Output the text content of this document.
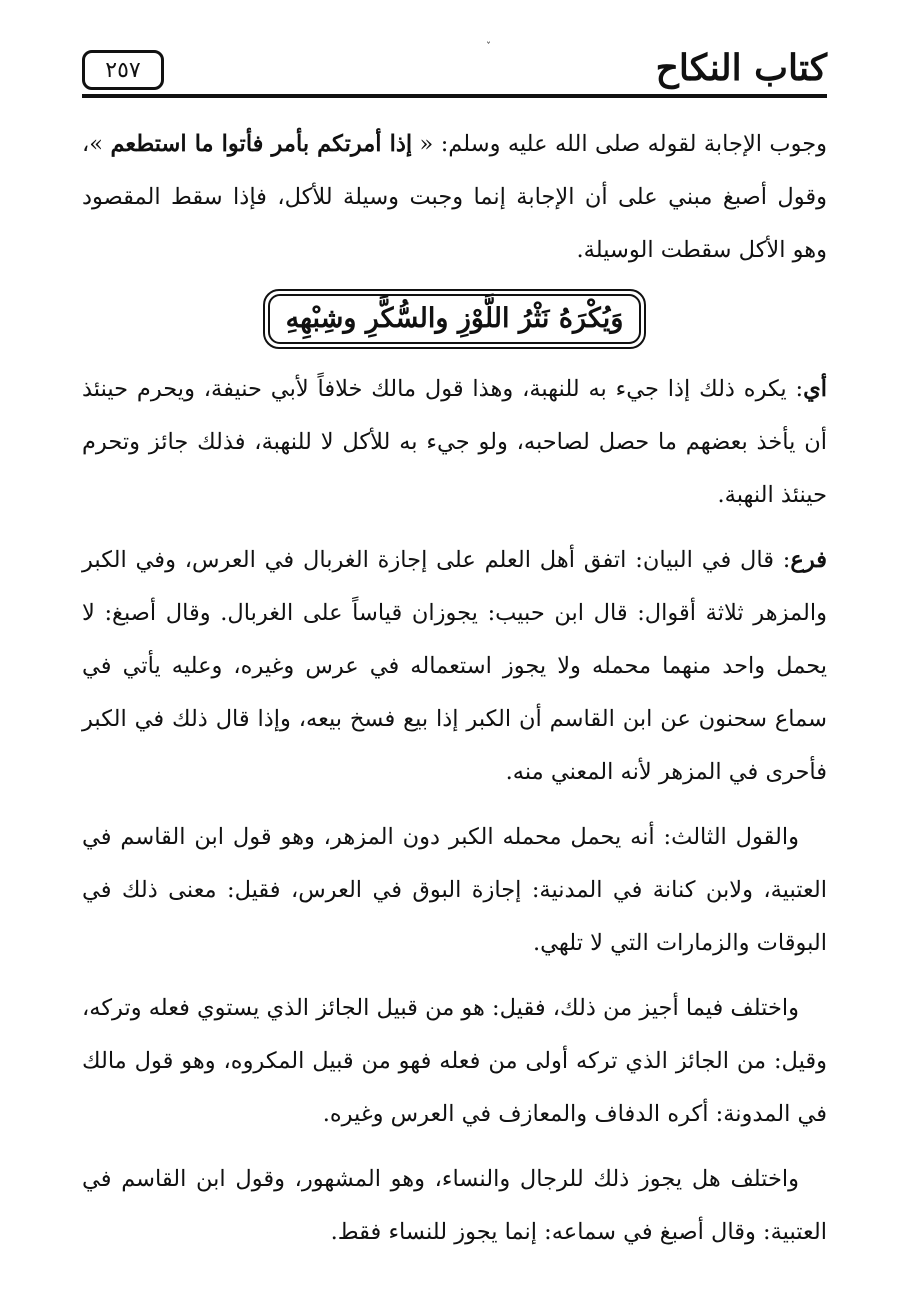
كتاب النكاح
ˇ
٢٥٧

وجوب الإجابة لقوله صلى الله عليه وسلم: « إذا أمرتكم بأمر فأتوا ما استطعم »، وقول أصبغ مبني على أن الإجابة إنما وجبت وسيلة للأكل، فإذا سقط المقصود وهو الأكل سقطت الوسيلة.

وَيُكْرَهُ نَثْرُ اللَّوْزِ والسُّكَّرِ وشِبْهِهِ

أي: يكره ذلك إذا جيء به للنهبة، وهذا قول مالك خلافاً لأبي حنيفة، ويحرم حينئذ أن يأخذ بعضهم ما حصل لصاحبه، ولو جيء به للأكل لا للنهبة، فذلك جائز وتحرم حينئذ النهبة.

فرع: قال في البيان: اتفق أهل العلم على إجازة الغربال في العرس، وفي الكبر والمزهر ثلاثة أقوال: قال ابن حبيب: يجوزان قياساً على الغربال. وقال أصبغ: لا يحمل واحد منهما محمله ولا يجوز استعماله في عرس وغيره، وعليه يأتي في سماع سحنون عن ابن القاسم أن الكبر إذا بيع فسخ بيعه، وإذا قال ذلك في الكبر فأحرى في المزهر لأنه المعني منه.

والقول الثالث: أنه يحمل محمله الكبر دون المزهر، وهو قول ابن القاسم في العتبية، ولابن كنانة في المدنية: إجازة البوق في العرس، فقيل: معنى ذلك في البوقات والزمارات التي لا تلهي.

واختلف فيما أجيز من ذلك، فقيل: هو من قبيل الجائز الذي يستوي فعله وتركه، وقيل: من الجائز الذي تركه أولى من فعله فهو من قبيل المكروه، وهو قول مالك في المدونة: أكره الدفاف والمعازف في العرس وغيره.

واختلف هل يجوز ذلك للرجال والنساء، وهو المشهور، وقول ابن القاسم في العتبية: وقال أصبغ في سماعه: إنما يجوز للنساء فقط.
